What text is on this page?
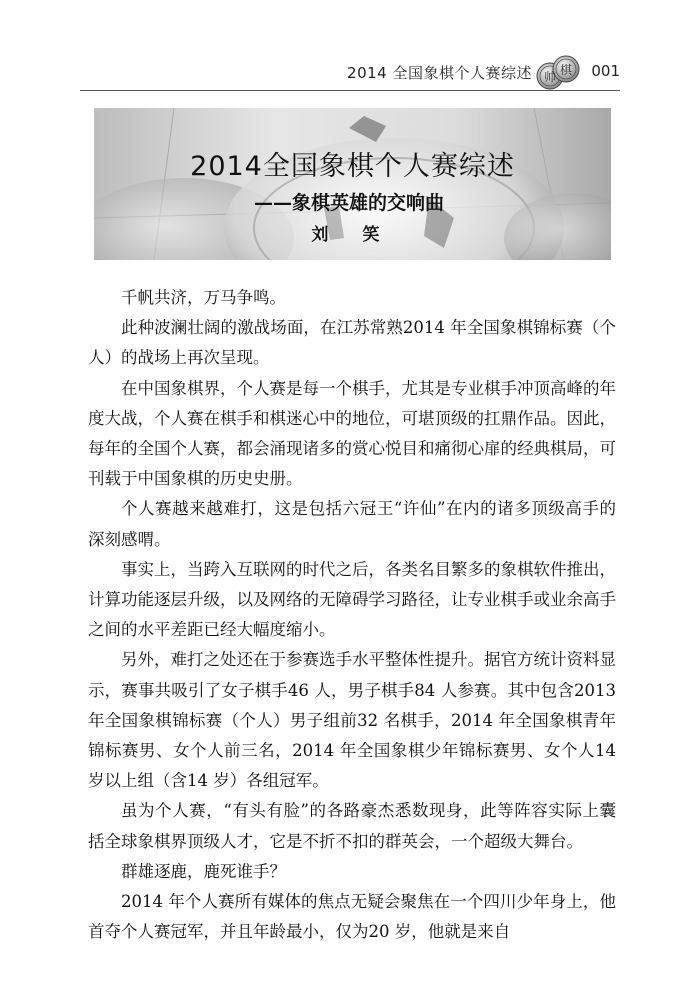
2014 全国象棋个人赛综述 棋
帅 001
2014全国象棋个人赛综述
——象棋英雄的交响曲
刘 笑

千帆共济，万马争鸣。

此种波澜壮阔的激战场面，在江苏常熟2014 年全国象棋锦标赛（个人）的战场上再次呈现。

在中国象棋界，个人赛是每一个棋手，尤其是专业棋手冲顶高峰的年度大战，个人赛在棋手和棋迷心中的地位，可堪顶级的扛鼎作品。因此，每年的全国个人赛，都会涌现诸多的赏心悦目和痛彻心扉的经典棋局，可刊载于中国象棋的历史史册。

个人赛越来越难打，这是包括六冠王“许仙”在内的诸多顶级高手的深刻感喟。

事实上，当跨入互联网的时代之后，各类名目繁多的象棋软件推出，计算功能逐层升级，以及网络的无障碍学习路径，让专业棋手或业余高手之间的水平差距已经大幅度缩小。

另外，难打之处还在于参赛选手水平整体性提升。据官方统计资料显示，赛事共吸引了女子棋手46 人，男子棋手84 人参赛。其中包含2013 年全国象棋锦标赛（个人）男子组前32 名棋手，2014 年全国象棋青年锦标赛男、女个人前三名，2014 年全国象棋少年锦标赛男、女个人14 岁以上组（含14 岁）各组冠军。

虽为个人赛，“有头有脸”的各路豪杰悉数现身，此等阵容实际上囊括全球象棋界顶级人才，它是不折不扣的群英会，一个超级大舞台。

群雄逐鹿，鹿死谁手？

2014 年个人赛所有媒体的焦点无疑会聚焦在一个四川少年身上，他首夺个人赛冠军，并且年龄最小，仅为20 岁，他就是来自
